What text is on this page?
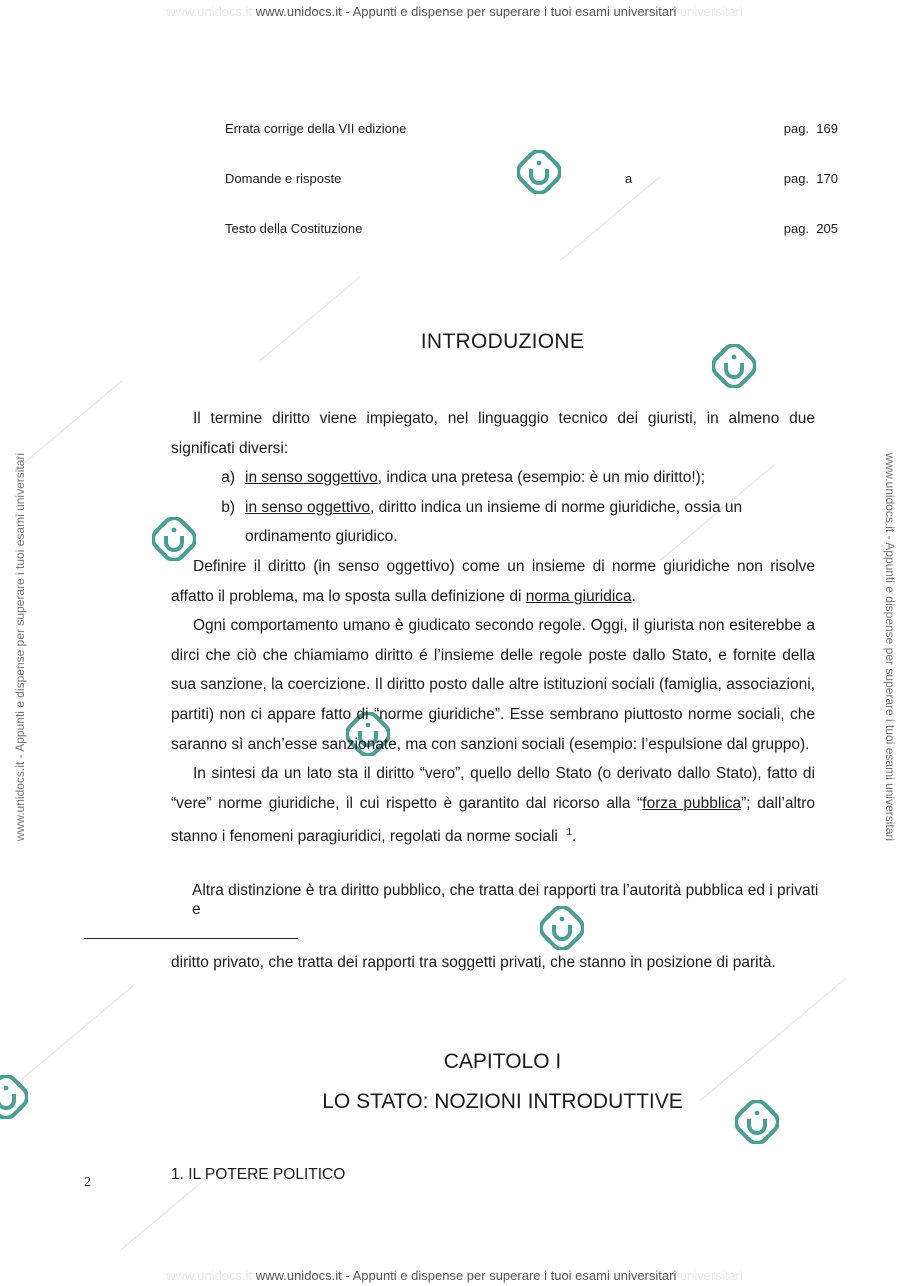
www.unidocs.it www.unidocs.it - Appunti e dispense per superare i tuoi esami universitari universitari
www.unidocs.it - Appunti e dispense per superare i tuoi esami universitari	www.unidocs.it - Appunti e dispense per superare i tuoi esami universitari
www.unidocs.it www.unidocs.it - Appunti e dispense per superare i tuoi esami universitari universitari
Errata corrige della VII edizione	pag. 169
Domande e risposte	a	pag. 170
Testo della Costituzione	pag. 205
INTRODUZIONE

Il termine diritto viene impiegato, nel linguaggio tecnico dei giuristi, in almeno due significati diversi:

a) in senso soggettivo, indica una pretesa (esempio: è un mio diritto!);

b) in senso oggettivo, diritto indica un insieme di norme giuridiche, ossia un ordinamento giuridico.

Definire il diritto (in senso oggettivo) come un insieme di norme giuridiche non risolve affatto il problema, ma lo sposta sulla definizione di norma giuridica.

Ogni comportamento umano è giudicato secondo regole. Oggi, il giurista non esiterebbe a dirci che ciò che chiamiamo diritto é l’insieme delle regole poste dallo Stato, e fornite della sua sanzione, la coercizione. Il diritto posto dalle altre istituzioni sociali (famiglia, associazioni, partiti) non ci appare fatto di “norme giuridiche”. Esse sembrano piuttosto norme sociali, che saranno sì anch’esse sanzionate, ma con sanzioni sociali (esempio: l’espulsione dal gruppo).

In sintesi da un lato sta il diritto “vero”, quello dello Stato (o derivato dallo Stato), fatto di “vere” norme giuridiche, il cui rispetto è garantito dal ricorso alla “forza pubblica”; dall’altro stanno i fenomeni paragiuridici, regolati da norme sociali $^1$.

Altra distinzione è tra diritto pubblico, che tratta dei rapporti tra l’autorità pubblica ed i privati e
diritto privato, che tratta dei rapporti tra soggetti privati, che stanno in posizione di parità.
CAPITOLO I
LO STATO: NOZIONI INTRODUTTIVE
2	1. IL POTERE POLITICO
